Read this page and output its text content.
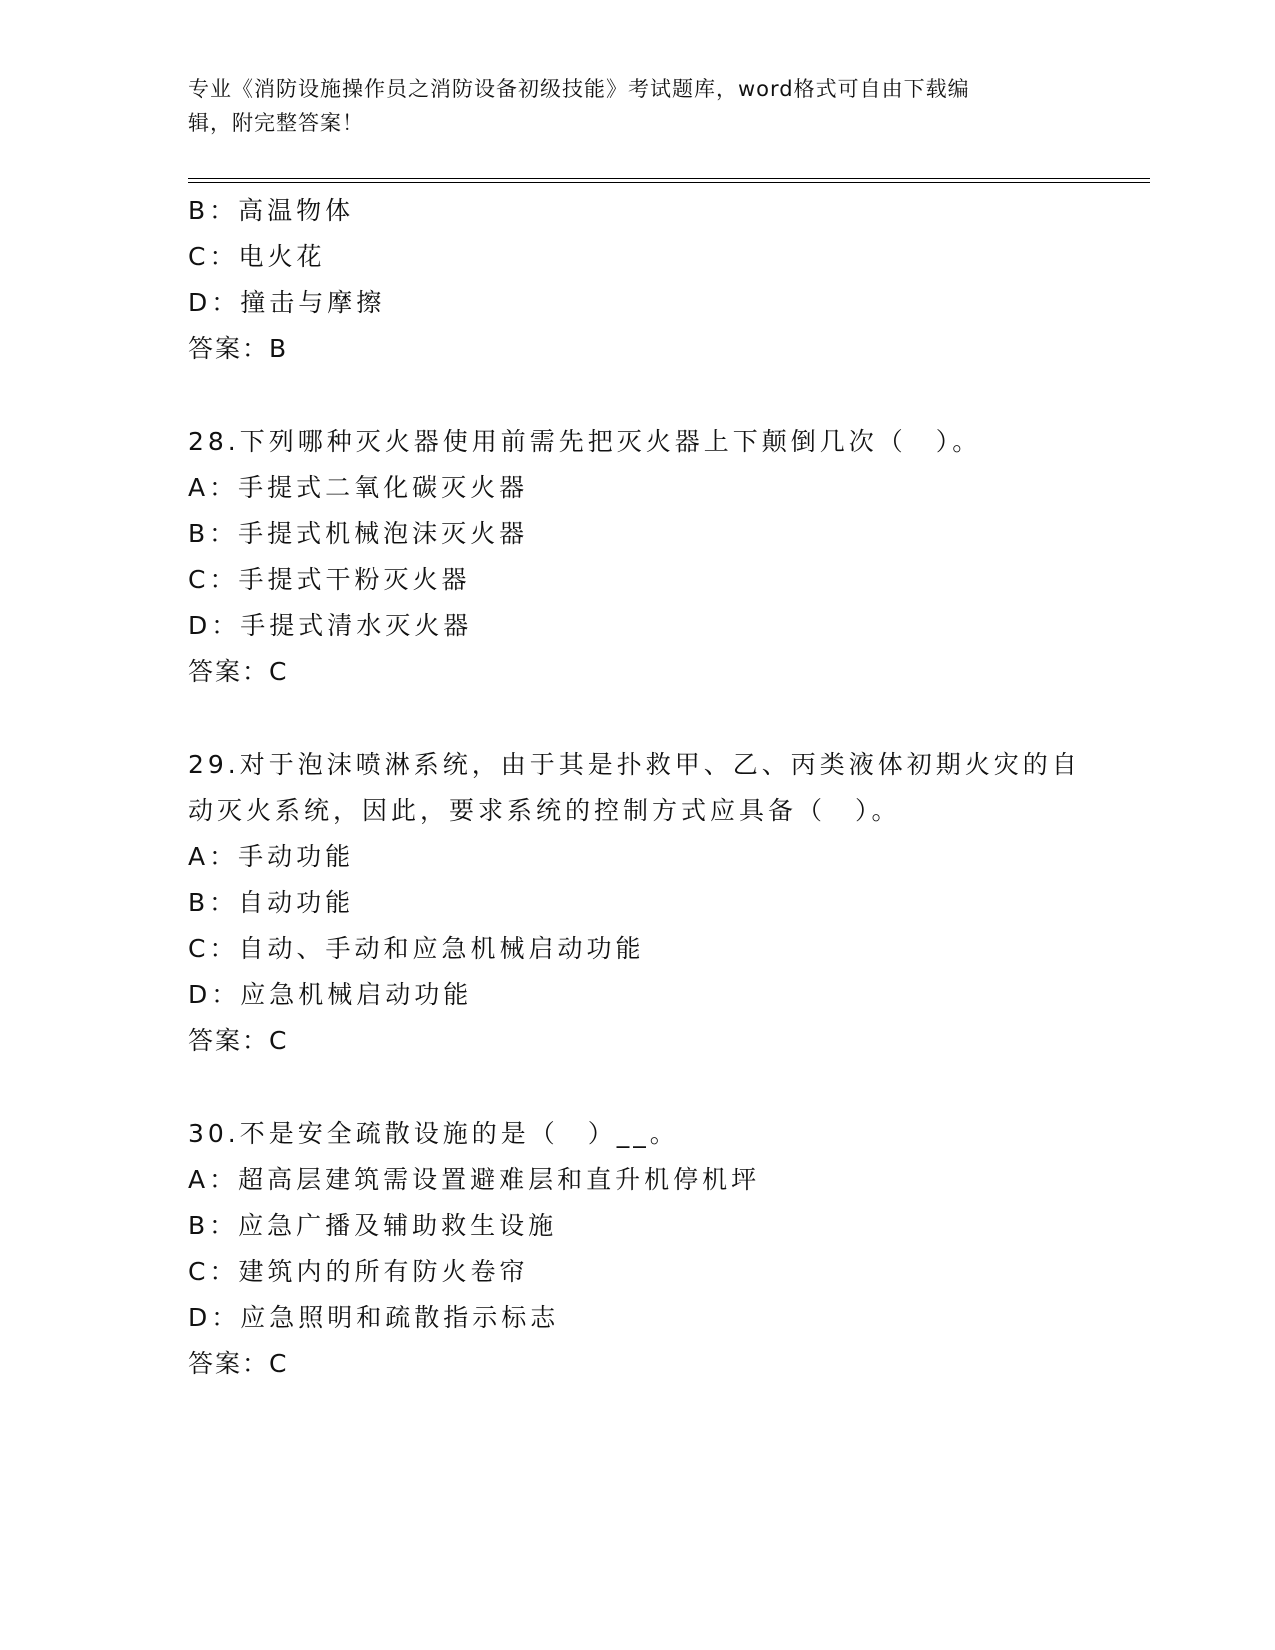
专业《消防设施操作员之消防设备初级技能》考试题库，word格式可自由下载编
辑，附完整答案！
B：高温物体
C：电火花
D：撞击与摩擦
答案：B
28.下列哪种灭火器使用前需先把灭火器上下颠倒几次（　）。
A：手提式二氧化碳灭火器
B：手提式机械泡沫灭火器
C：手提式干粉灭火器
D：手提式清水灭火器
答案：C
29.对于泡沫喷淋系统，由于其是扑救甲、乙、丙类液体初期火灾的自
动灭火系统，因此，要求系统的控制方式应具备（　）。
A：手动功能
B：自动功能
C：自动、手动和应急机械启动功能
D：应急机械启动功能
答案：C
30.不是安全疏散设施的是（　）__。
A：超高层建筑需设置避难层和直升机停机坪
B：应急广播及辅助救生设施
C：建筑内的所有防火卷帘
D：应急照明和疏散指示标志
答案：C
